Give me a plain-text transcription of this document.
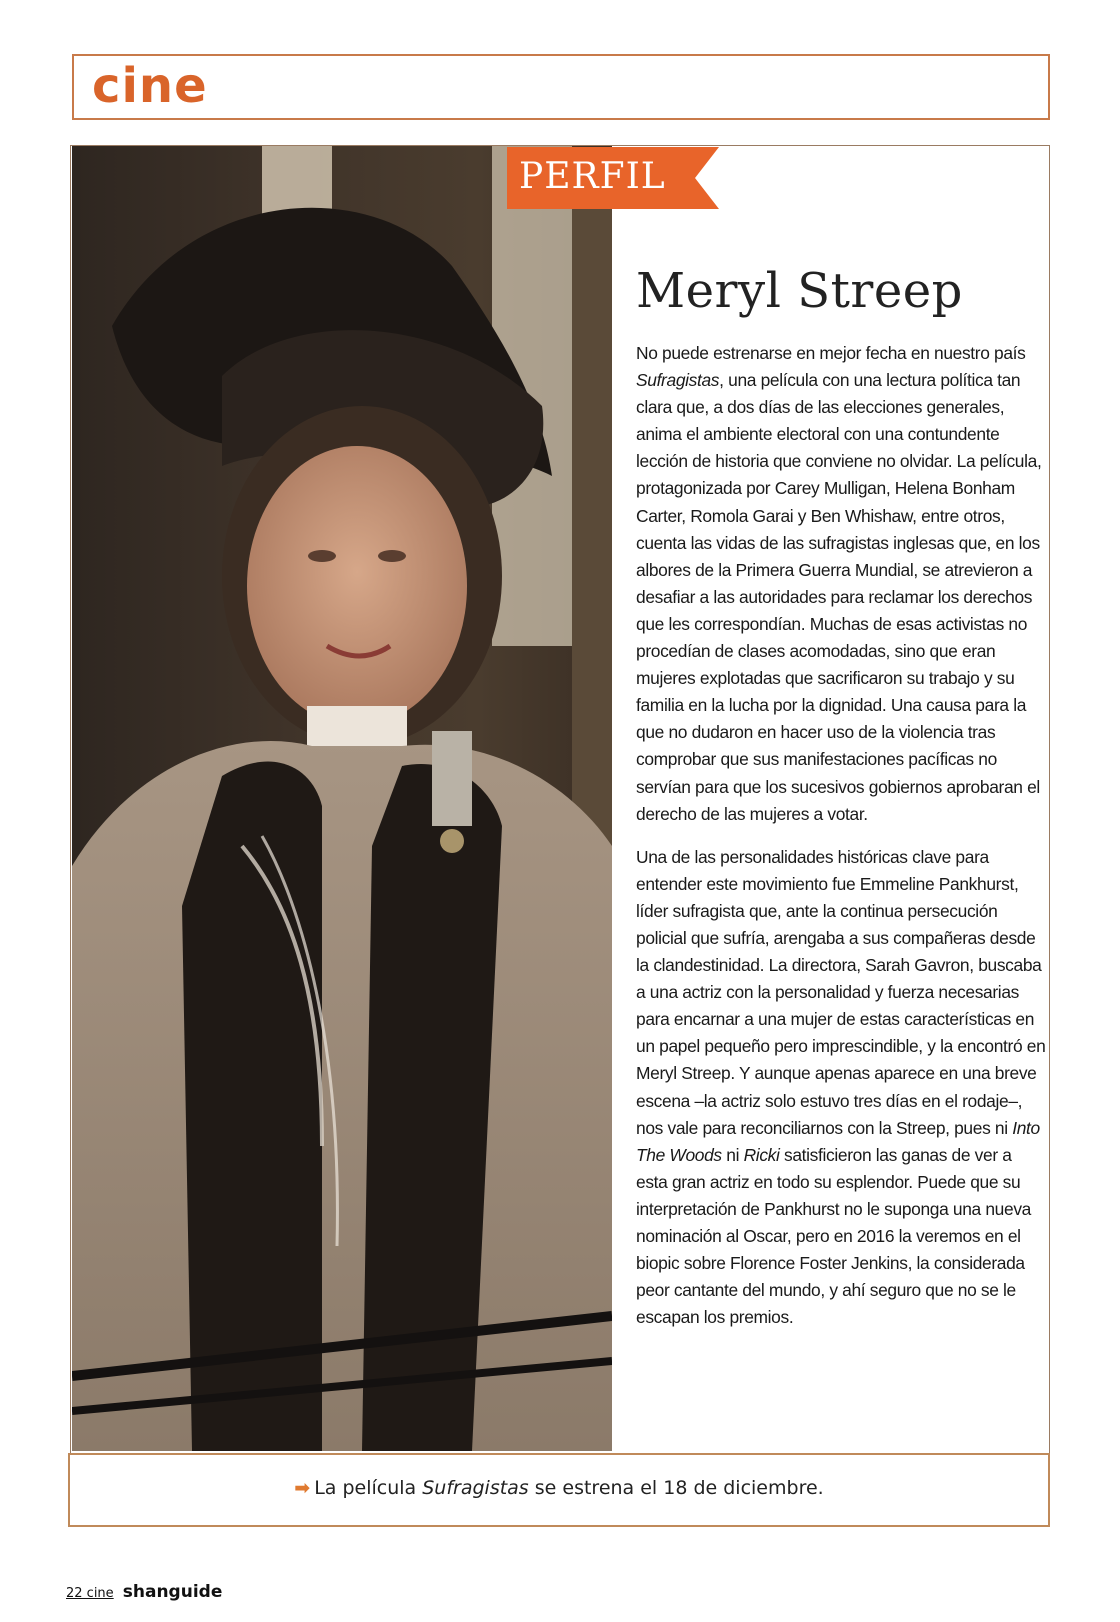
cine
PERFIL
Meryl Streep

No puede estrenarse en mejor fecha en nuestro país Sufragistas, una película con una lectura política tan clara que, a dos días de las elecciones generales, anima el ambiente electoral con una contundente lección de historia que conviene no olvidar. La película, protagonizada por Carey Mulligan, Helena Bonham Carter, Romola Garai y Ben Whishaw, entre otros, cuenta las vidas de las sufragistas inglesas que, en los albores de la Primera Guerra Mundial, se atrevieron a desafiar a las autoridades para reclamar los derechos que les correspondían. Muchas de esas activistas no procedían de clases acomodadas, sino que eran mujeres explotadas que sacrificaron su trabajo y su familia en la lucha por la dignidad. Una causa para la que no dudaron en hacer uso de la violencia tras comprobar que sus manifestaciones pacíficas no servían para que los sucesivos gobiernos aprobaran el derecho de las mujeres a votar.

Una de las personalidades históricas clave para entender este movimiento fue Emmeline Pankhurst, líder sufragista que, ante la continua persecución policial que sufría, arengaba a sus compañeras desde la clandestinidad. La directora, Sarah Gavron, buscaba a una actriz con la personalidad y fuerza necesarias para encarnar a una mujer de estas características en un papel pequeño pero imprescindible, y la encontró en Meryl Streep. Y aunque apenas aparece en una breve escena –la actriz solo estuvo tres días en el rodaje–, nos vale para reconciliarnos con la Streep, pues ni Into The Woods ni Ricki satisficieron las ganas de ver a esta gran actriz en todo su esplendor. Puede que su interpretación de Pankhurst no le suponga una nueva nominación al Oscar, pero en 2016 la veremos en el biopic sobre Florence Foster Jenkins, la considerada peor cantante del mundo, y ahí seguro que no se le escapan los premios.

➡ La película Sufragistas se estrena el 18 de diciembre.
22 cine shanguide
